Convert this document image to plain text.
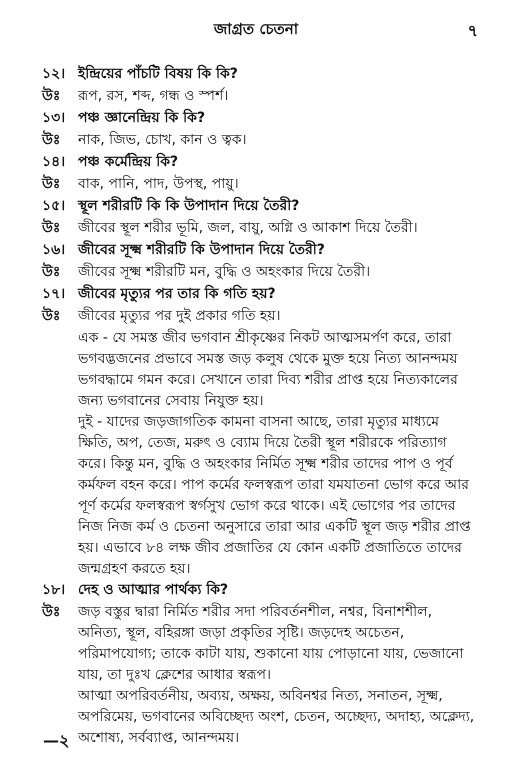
জাগ্রত চেতনা	৭
১২। ইন্দ্রিয়ের পাঁচটি বিষয় কি কি?
উঃ	রূপ, রস, শব্দ, গন্ধ ও স্পর্শ।
১৩। পঞ্চ জ্ঞানেন্দ্রিয় কি কি?
উঃ	নাক, জিভ, চোখ, কান ও ত্বক।
১৪। পঞ্চ কর্মেন্দ্রিয় কি?
উঃ	বাক, পানি, পাদ, উপস্থ, পায়ু।
১৫। স্থূল শরীরটি কি কি উপাদান দিয়ে তৈরী?
উঃ	জীবের স্থূল শরীর ভূমি, জল, বায়ু, অগ্নি ও আকাশ দিয়ে তৈরী।
১৬। জীবের সূক্ষ্ম শরীরটি কি উপাদান দিয়ে তৈরী?
উঃ	জীবের সূক্ষ্ম শরীরটি মন, বুদ্ধি ও অহংকার দিয়ে তৈরী।
১৭। জীবের মৃত্যুর পর তার কি গতি হয়?
উঃ	জীবের মৃত্যুর পর দুই প্রকার গতি হয়।
এক - যে সমস্ত জীব ভগবান শ্রীকৃষ্ণের নিকট আত্মসমর্পণ করে, তারা ভগবদ্ভজনের প্রভাবে সমস্ত জড় কলুষ থেকে মুক্ত হয়ে নিত্য আনন্দময় ভগবদ্ধামে গমন করে। সেখানে তারা দিব্য শরীর প্রাপ্ত হয়ে নিত্যকালের জন্য ভগবানের সেবায় নিযুক্ত হয়।
দুই - যাদের জড়জাগতিক কামনা বাসনা আছে, তারা মৃত্যুর মাধ্যমে ক্ষিতি, অপ, তেজ, মরুৎ ও ব্যোম দিয়ে তৈরী স্থূল শরীরকে পরিত্যাগ করে। কিন্তু মন, বুদ্ধি ও অহংকার নির্মিত সূক্ষ্ম শরীর তাদের পাপ ও পূর্ব কর্মফল বহন করে। পাপ কর্মের ফলস্বরূপ তারা যমযাতনা ভোগ করে আর পূর্ণ কর্মের ফলস্বরূপ স্বর্গসুখ ভোগ করে থাকে। এই ভোগের পর তাদের নিজ নিজ কর্ম ও চেতনা অনুসারে তারা আর একটি স্থূল জড় শরীর প্রাপ্ত হয়। এভাবে ৮৪ লক্ষ জীব প্রজাতির যে কোন একটি প্রজাতিতে তাদের জন্মগ্রহণ করতে হয়।
১৮। দেহ ও আত্মার পার্থক্য কি?
উঃ	জড় বস্তুর দ্বারা নির্মিত শরীর সদা পরিবর্তনশীল, নশ্বর, বিনাশশীল, অনিত্য, স্থূল, বহিরঙ্গা জড়া প্রকৃতির সৃষ্টি। জড়দেহ অচেতন, পরিমাপযোগ্য; তাকে কাটা যায়, শুকানো যায় পোড়ানো যায়, ভেজানো যায়, তা দুঃখ ক্লেশের আধার স্বরূপ।
আত্মা অপরিবর্তনীয়, অব্যয়, অক্ষয়, অবিনশ্বর নিত্য, সনাতন, সূক্ষ্ম, অপরিমেয়, ভগবানের অবিচ্ছেদ্য অংশ, চেতন, অচ্ছেদ্য, অদাহ্য, অক্লেদ্য, অশোষ্য, সর্বব্যাপ্ত, আনন্দময়।
—২
